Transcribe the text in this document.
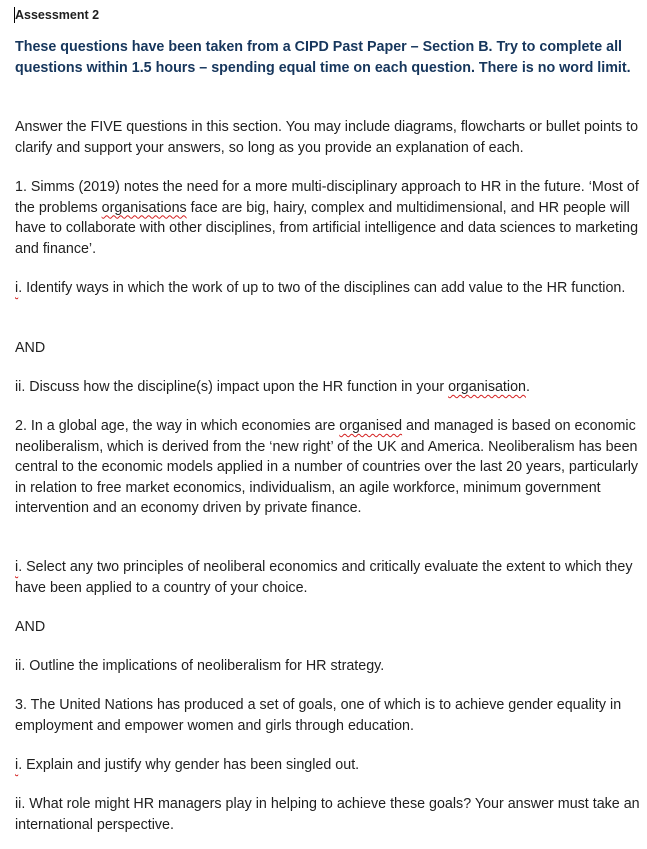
Assessment 2
These questions have been taken from a CIPD Past Paper – Section B. Try to complete all questions within 1.5 hours – spending equal time on each question. There is no word limit.
Answer the FIVE questions in this section. You may include diagrams, flowcharts or bullet points to clarify and support your answers, so long as you provide an explanation of each.
1. Simms (2019) notes the need for a more multi-disciplinary approach to HR in the future. ‘Most of the problems organisations face are big, hairy, complex and multidimensional, and HR people will have to collaborate with other disciplines, from artificial intelligence and data sciences to marketing and finance’.
i. Identify ways in which the work of up to two of the disciplines can add value to the HR function.
AND
ii. Discuss how the discipline(s) impact upon the HR function in your organisation.
2. In a global age, the way in which economies are organised and managed is based on economic neoliberalism, which is derived from the ‘new right’ of the UK and America. Neoliberalism has been central to the economic models applied in a number of countries over the last 20 years, particularly in relation to free market economics, individualism, an agile workforce, minimum government intervention and an economy driven by private finance.
i. Select any two principles of neoliberal economics and critically evaluate the extent to which they have been applied to a country of your choice.
AND
ii. Outline the implications of neoliberalism for HR strategy.
3. The United Nations has produced a set of goals, one of which is to achieve gender equality in employment and empower women and girls through education.
i. Explain and justify why gender has been singled out.
ii. What role might HR managers play in helping to achieve these goals? Your answer must take an international perspective.
